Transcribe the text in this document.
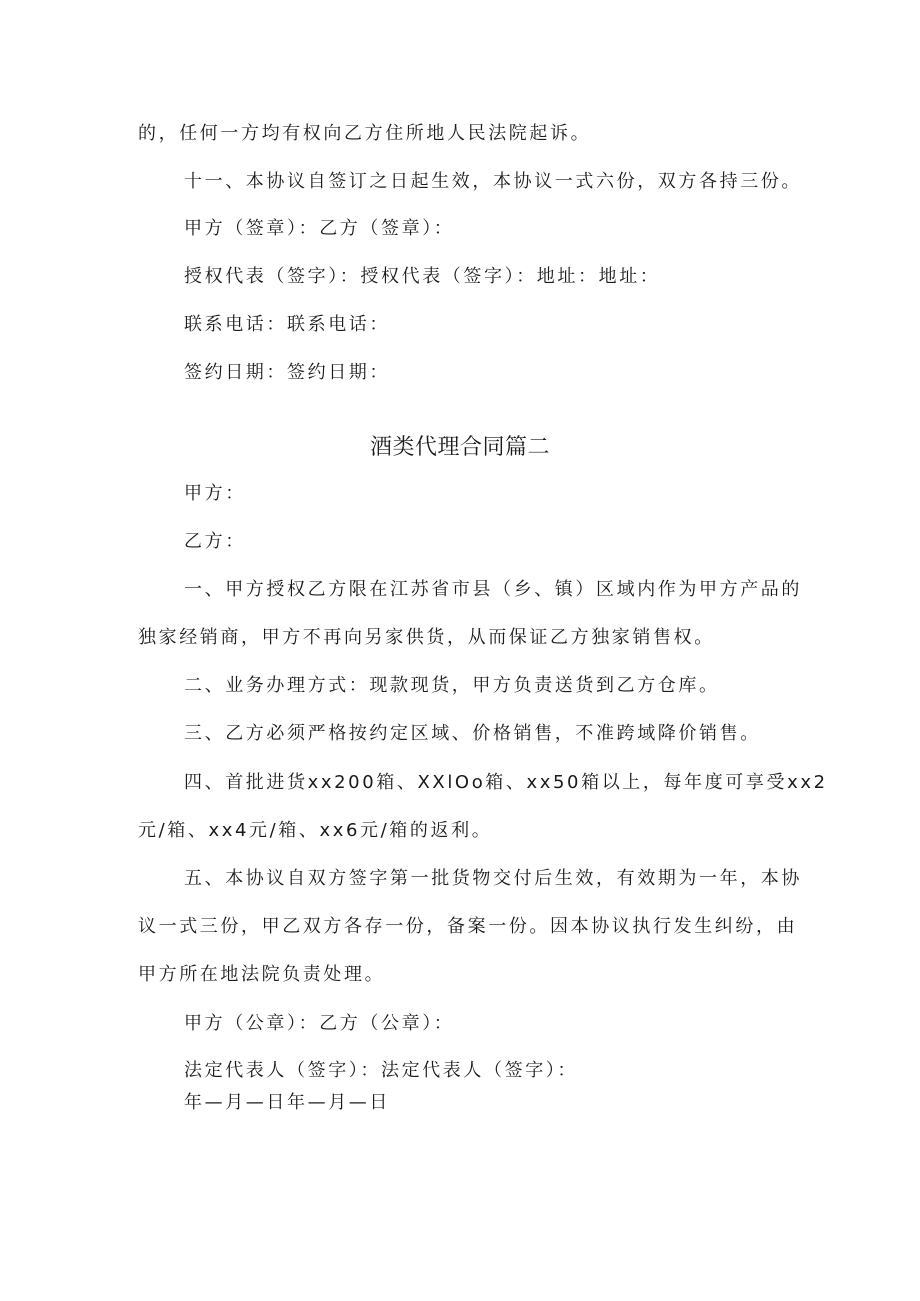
的，任何一方均有权向乙方住所地人民法院起诉。
十一、本协议自签订之日起生效，本协议一式六份，双方各持三份。
甲方（签章）：乙方（签章）：
授权代表（签字）：授权代表（签字）：地址：地址：
联系电话：联系电话：
签约日期：签约日期：
酒类代理合同篇二
甲方：
乙方：
一、甲方授权乙方限在江苏省市县（乡、镇）区域内作为甲方产品的
独家经销商，甲方不再向另家供货，从而保证乙方独家销售权。
二、业务办理方式：现款现货，甲方负责送货到乙方仓库。
三、乙方必须严格按约定区域、价格销售，不准跨域降价销售。
四、首批进货xx200箱、XXlOo箱、xx50箱以上，每年度可享受xx2
元/箱、xx4元/箱、xx6元/箱的返利。
五、本协议自双方签字第一批货物交付后生效，有效期为一年，本协
议一式三份，甲乙双方各存一份，备案一份。因本协议执行发生纠纷，由
甲方所在地法院负责处理。
甲方（公章）：乙方（公章）：
法定代表人（签字）：法定代表人（签字）：
年—月—日年—月—日
